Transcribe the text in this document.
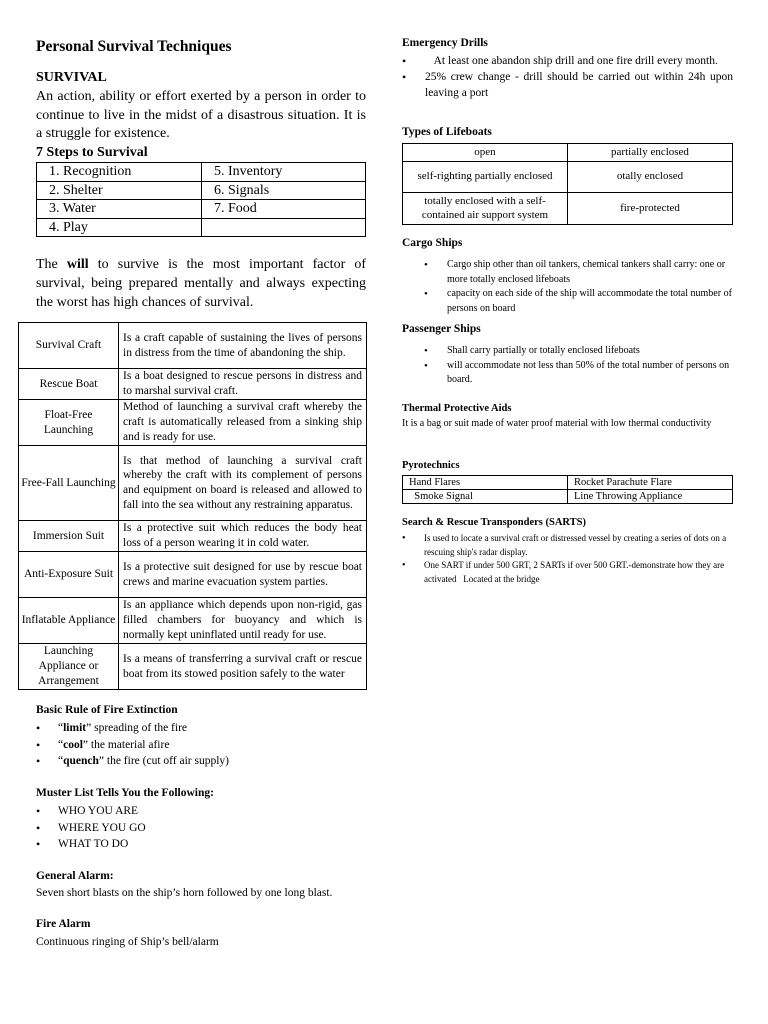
Personal Survival Techniques
SURVIVAL
An action, ability or effort exerted by a person in order to continue to live in the midst of a disastrous situation. It is a struggle for existence.
7 Steps to Survival
1. Recognition	5. Inventory
2. Shelter	6. Signals
3. Water	7. Food
4. Play	
The will to survive is the most important factor of survival, being prepared mentally and always expecting the worst has high chances of survival.
Survival Craft	Is a craft capable of sustaining the lives of persons in distress from the time of abandoning the ship.
Rescue Boat	Is a boat designed to rescue persons in distress and to marshal survival craft.
Float-Free Launching	Method of launching a survival craft whereby the craft is automatically released from a sinking ship and is ready for use.
Free-Fall Launching	Is that method of launching a survival craft whereby the craft with its complement of persons and equipment on board is released and allowed to fall into the sea without any restraining apparatus.
Immersion Suit	Is a protective suit which reduces the body heat loss of a person wearing it in cold water.
Anti-Exposure Suit	Is a protective suit designed for use by rescue boat crews and marine evacuation system parties.
Inflatable Appliance	Is an appliance which depends upon non-rigid, gas filled chambers for buoyancy and which is normally kept uninflated until ready for use.
Launching Appliance or Arrangement	Is a means of transferring a survival craft or rescue boat from its stowed position safely to the water
Basic Rule of Fire Extinction
• “limit” spreading of the fire
• “cool” the material afire
• “quench” the fire (cut off air supply)
Muster List Tells You the Following:
• WHO YOU ARE
• WHERE YOU GO
• WHAT TO DO
General Alarm:
Seven short blasts on the ship’s horn followed by one long blast.
Fire Alarm
Continuous ringing of Ship’s bell/alarm
Emergency Drills
•    At least one abandon ship drill and one fire drill every month.
• 25% crew change - drill should be carried out within 24h upon leaving a port
Types of Lifeboats
open	partially enclosed
self-righting partially enclosed	otally enclosed
totally enclosed with a self-contained air support system	fire-protected
Cargo Ships
• Cargo ship other than oil tankers, chemical tankers shall carry: one or more totally enclosed lifeboats
• capacity on each side of the ship will accommodate the total number of persons on board
Passenger Ships
• Shall carry partially or totally enclosed lifeboats
• will accommodate not less than 50% of the total number of persons on board.
Thermal Protective Aids
It is a bag or suit made of water proof material with low thermal conductivity
Pyrotechnics
Hand Flares	Rocket Parachute Flare
Smoke Signal	Line Throwing Appliance
Search & Rescue Transponders (SARTS)
• Is used to locate a survival craft or distressed vessel by creating a series of dots on a rescuing ship's radar display.
• One SART if under 500 GRT, 2 SARTs if over 500 GRT.-demonstrate how they are activated   Located at the bridge
